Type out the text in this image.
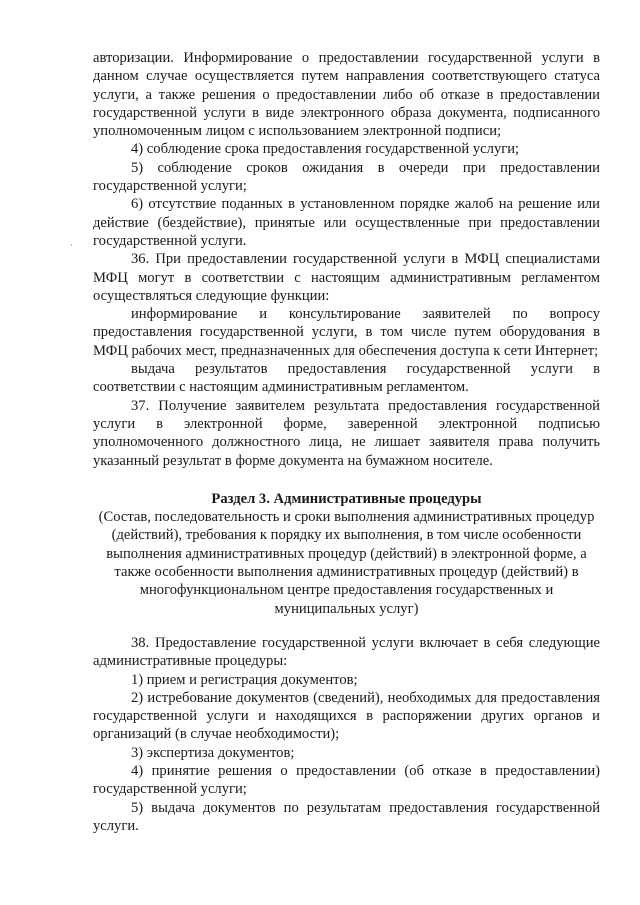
·

авторизации. Информирование о предоставлении государственной услуги в данном случае осуществляется путем направления соответствующего статуса услуги, а также решения о предоставлении либо об отказе в предоставлении государственной услуги в виде электронного образа документа, подписанного уполномоченным лицом с использованием электронной подписи;

4) соблюдение срока предоставления государственной услуги;

5) соблюдение сроков ожидания в очереди при предоставлении государственной услуги;

6) отсутствие поданных в установленном порядке жалоб на решение или действие (бездействие), принятые или осуществленные при предоставлении государственной услуги.

36. При предоставлении государственной услуги в МФЦ специалистами МФЦ могут в соответствии с настоящим административным регламентом осуществляться следующие функции:

информирование и консультирование заявителей по вопросу предоставления государственной услуги, в том числе путем оборудования в МФЦ рабочих мест, предназначенных для обеспечения доступа к сети Интернет;

выдача результатов предоставления государственной услуги в соответствии с настоящим административным регламентом.

37. Получение заявителем результата предоставления государственной услуги в электронной форме, заверенной электронной подписью уполномоченного должностного лица, не лишает заявителя права получить указанный результат в форме документа на бумажном носителе.

Раздел 3. Административные процедуры

(Состав, последовательность и сроки выполнения административных процедур (действий), требования к порядку их выполнения, в том числе особенности выполнения административных процедур (действий) в электронной форме, а также особенности выполнения административных процедур (действий) в многофункциональном центре предоставления государственных и муниципальных услуг)

38. Предоставление государственной услуги включает в себя следующие административные процедуры:

1) прием и регистрация документов;

2) истребование документов (сведений), необходимых для предоставления государственной услуги и находящихся в распоряжении других органов и организаций (в случае необходимости);

3) экспертиза документов;

4) принятие решения о предоставлении (об отказе в предоставлении) государственной услуги;

5) выдача документов по результатам предоставления государственной услуги.
